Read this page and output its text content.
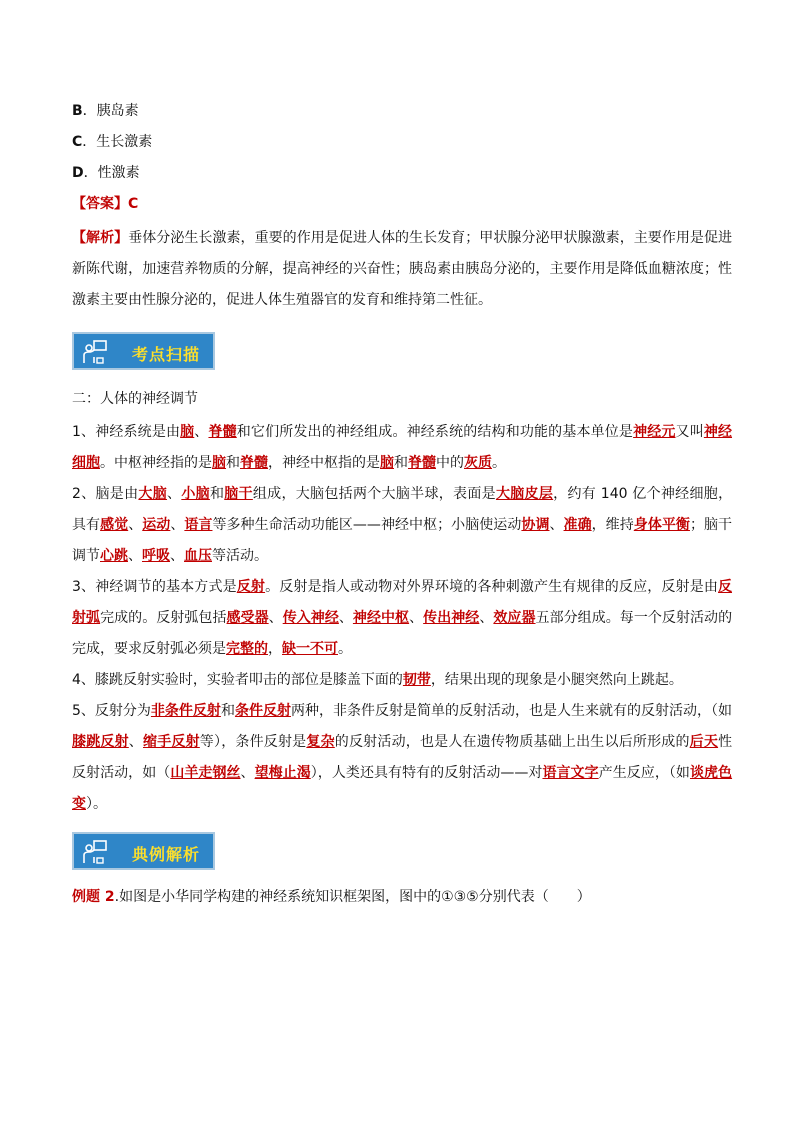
B．胰岛素

C．生长激素

D．性激素

【答案】C

【解析】垂体分泌生长激素，重要的作用是促进人体的生长发育；甲状腺分泌甲状腺激素，主要作用是促进新陈代谢，加速营养物质的分解，提高神经的兴奋性；胰岛素由胰岛分泌的，主要作用是降低血糖浓度；性激素主要由性腺分泌的，促进人体生殖器官的发育和维持第二性征。

考点扫描

二：人体的神经调节

1、神经系统是由脑、脊髓和它们所发出的神经组成。神经系统的结构和功能的基本单位是神经元又叫神经细胞。中枢神经指的是脑和脊髓，神经中枢指的是脑和脊髓中的灰质。

2、脑是由大脑、小脑和脑干组成，大脑包括两个大脑半球，表面是大脑皮层，约有 140 亿个神经细胞，具有感觉、运动、语言等多种生命活动功能区——神经中枢；小脑使运动协调、准确，维持身体平衡；脑干调节心跳、呼吸、血压等活动。

3、神经调节的基本方式是反射。反射是指人或动物对外界环境的各种刺激产生有规律的反应，反射是由反射弧完成的。反射弧包括感受器、传入神经、神经中枢、传出神经、效应器五部分组成。每一个反射活动的完成，要求反射弧必须是完整的，缺一不可。

4、膝跳反射实验时，实验者叩击的部位是膝盖下面的韧带，结果出现的现象是小腿突然向上跳起。

5、反射分为非条件反射和条件反射两种，非条件反射是简单的反射活动，也是人生来就有的反射活动，（如膝跳反射、缩手反射等），条件反射是复杂的反射活动，也是人在遗传物质基础上出生以后所形成的后天性反射活动，如（山羊走钢丝、望梅止渴），人类还具有特有的反射活动——对语言文字产生反应，（如谈虎色变）。

典例解析

例题 2.如图是小华同学构建的神经系统知识框架图，图中的①③⑤分别代表（　　）
